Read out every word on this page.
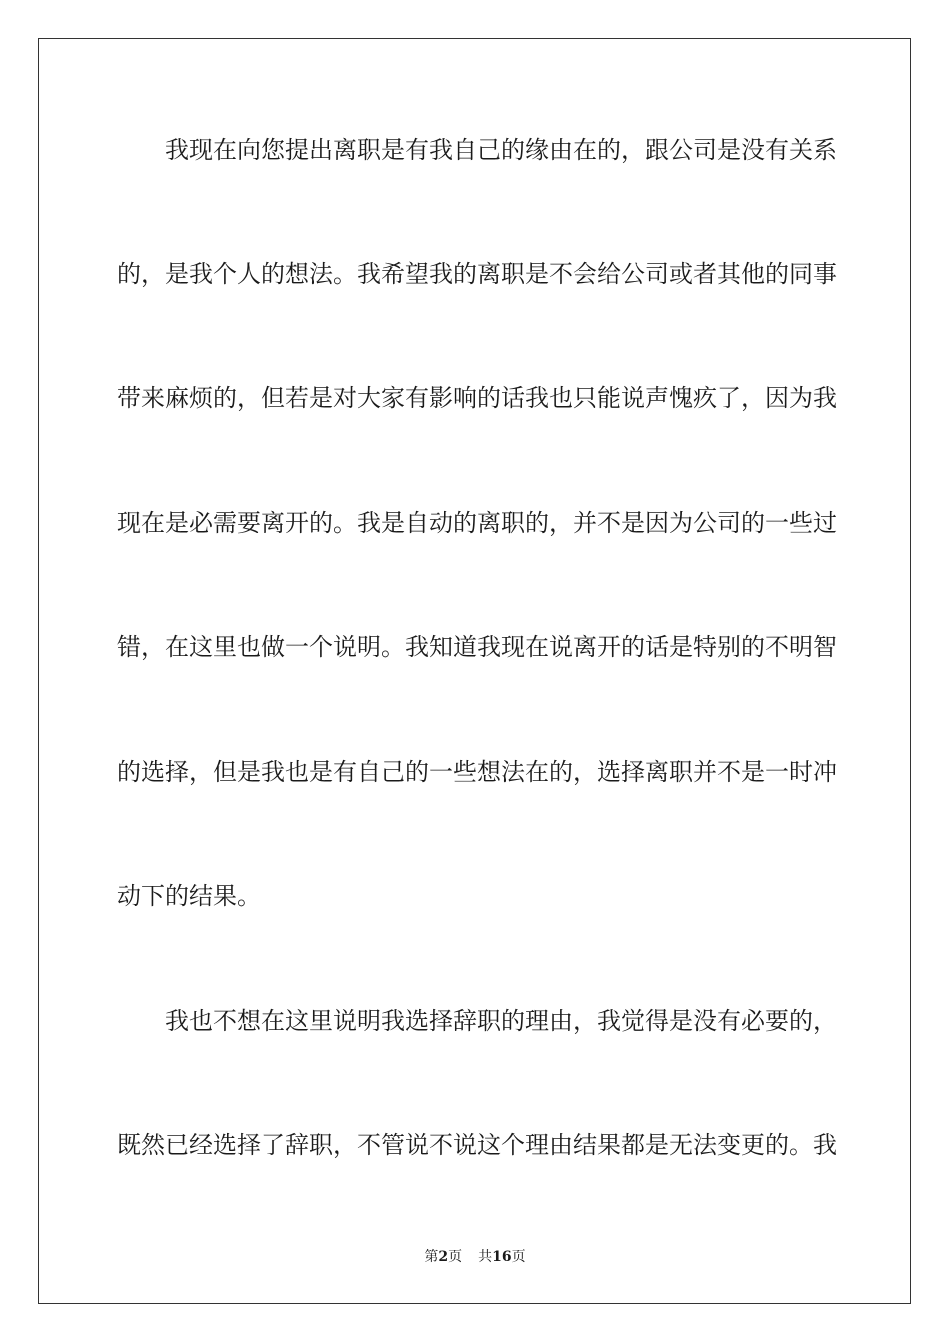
我现在向您提出离职是有我自己的缘由在的，跟公司是没有关系
的，是我个人的想法。我希望我的离职是不会给公司或者其他的同事
带来麻烦的，但若是对大家有影响的话我也只能说声愧疚了，因为我
现在是必需要离开的。我是自动的离职的，并不是因为公司的一些过
错，在这里也做一个说明。我知道我现在说离开的话是特别的不明智
的选择，但是我也是有自己的一些想法在的，选择离职并不是一时冲
动下的结果。
我也不想在这里说明我选择辞职的理由，我觉得是没有必要的，
既然已经选择了辞职，不管说不说这个理由结果都是无法变更的。我
第2页 共16页
